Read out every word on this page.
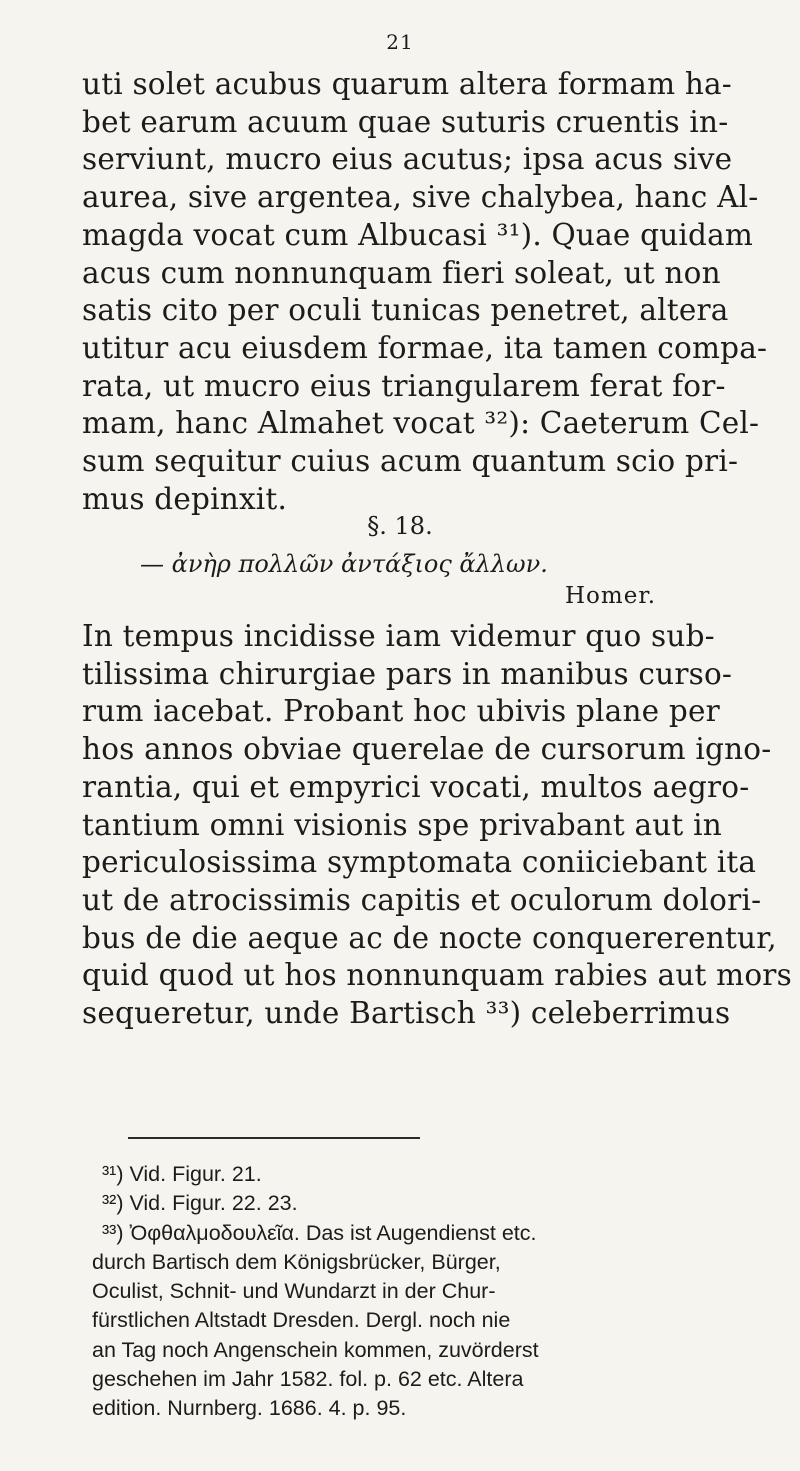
21
uti solet acubus quarum altera formam ha-
bet earum acuum quae suturis cruentis in-
serviunt, mucro eius acutus; ipsa acus sive
aurea, sive argentea, sive chalybea, hanc Al-
magda vocat cum Albucasi ³¹). Quae quidam
acus cum nonnunquam fieri soleat, ut non
satis cito per oculi tunicas penetret, altera
utitur acu eiusdem formae, ita tamen compa-
rata, ut mucro eius triangularem ferat for-
mam, hanc Almahet vocat ³²): Caeterum Cel-
sum sequitur cuius acum quantum scio pri-
mus depinxit.
§. 18.
— ἀνὴρ πολλῶν ἀντάξιος ἄλλων.
Homer.
In tempus incidisse iam videmur quo sub-
tilissima chirurgiae pars in manibus curso-
rum iacebat. Probant hoc ubivis plane per
hos annos obviae querelae de cursorum igno-
rantia, qui et empyrici vocati, multos aegro-
tantium omni visionis spe privabant aut in
periculosissima symptomata coniiciebant ita
ut de atrocissimis capitis et oculorum dolori-
bus de die aeque ac de nocte conquererentur,
quid quod ut hos nonnunquam rabies aut mors
sequeretur, unde Bartisch ³³) celeberrimus
³¹) Vid. Figur. 21.
³²) Vid. Figur. 22. 23.
³³) Ὀφθαλμοδουλεῖα. Das ist Augendienst etc.
durch Bartisch dem Königsbrücker, Bürger,
Oculist, Schnit- und Wundarzt in der Chur-
fürstlichen Altstadt Dresden. Dergl. noch nie
an Tag noch Angenschein kommen, zuvörderst
geschehen im Jahr 1582. fol. p. 62 etc. Altera
edition. Nurnberg. 1686. 4. p. 95.
